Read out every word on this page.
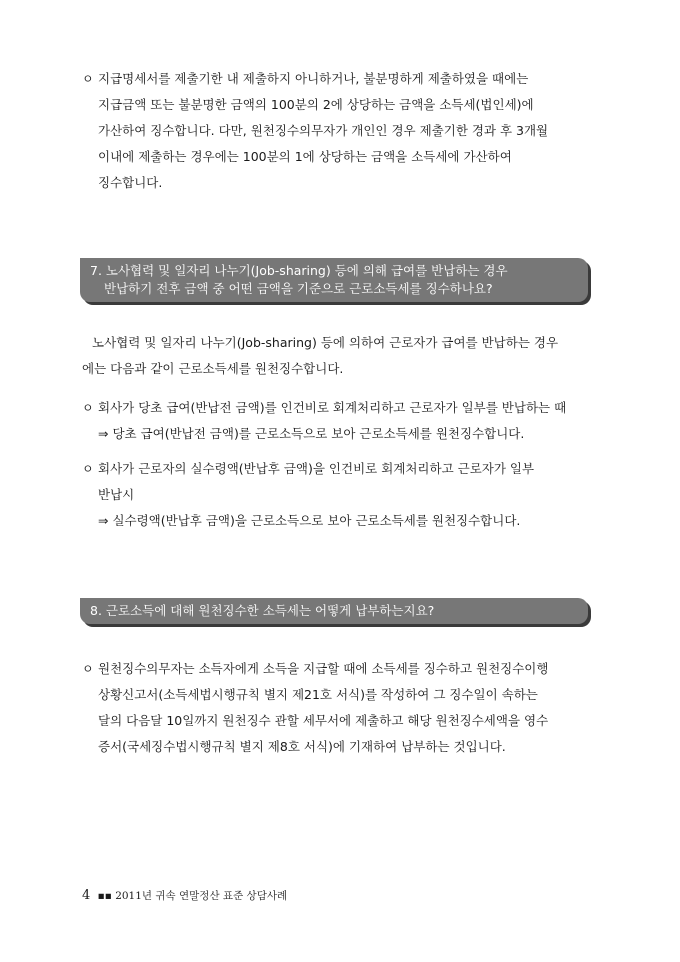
ㅇ 지급명세서를 제출기한 내 제출하지 아니하거나, 불분명하게 제출하였을 때에는
지급금액 또는 불분명한 금액의 100분의 2에 상당하는 금액을 소득세(법인세)에
가산하여 징수합니다. 다만, 원천징수의무자가 개인인 경우 제출기한 경과 후 3개월
이내에 제출하는 경우에는 100분의 1에 상당하는 금액을 소득세에 가산하여
징수합니다.
7. 노사협력 및 일자리 나누기(Job-sharing) 등에 의해 급여를 반납하는 경우
반납하기 전후 금액 중 어떤 금액을 기준으로 근로소득세를 징수하나요?
노사협력 및 일자리 나누기(Job-sharing) 등에 의하여 근로자가 급여를 반납하는 경우
에는 다음과 같이 근로소득세를 원천징수합니다.
ㅇ 회사가 당초 급여(반납전 금액)를 인건비로 회계처리하고 근로자가 일부를 반납하는 때
⇒ 당초 급여(반납전 금액)를 근로소득으로 보아 근로소득세를 원천징수합니다.
ㅇ 회사가 근로자의 실수령액(반납후 금액)을 인건비로 회계처리하고 근로자가 일부
반납시
⇒ 실수령액(반납후 금액)을 근로소득으로 보아 근로소득세를 원천징수합니다.
8. 근로소득에 대해 원천징수한 소득세는 어떻게 납부하는지요?
ㅇ 원천징수의무자는 소득자에게 소득을 지급할 때에 소득세를 징수하고 원천징수이행
상황신고서(소득세법시행규칙 별지 제21호 서식)를 작성하여 그 징수일이 속하는
달의 다음달 10일까지 원천징수 관할 세무서에 제출하고 해당 원천징수세액을 영수
증서(국세징수법시행규칙 별지 제8호 서식)에 기재하여 납부하는 것입니다.
4 ▪▪ 2011년 귀속 연말정산 표준 상담사례
